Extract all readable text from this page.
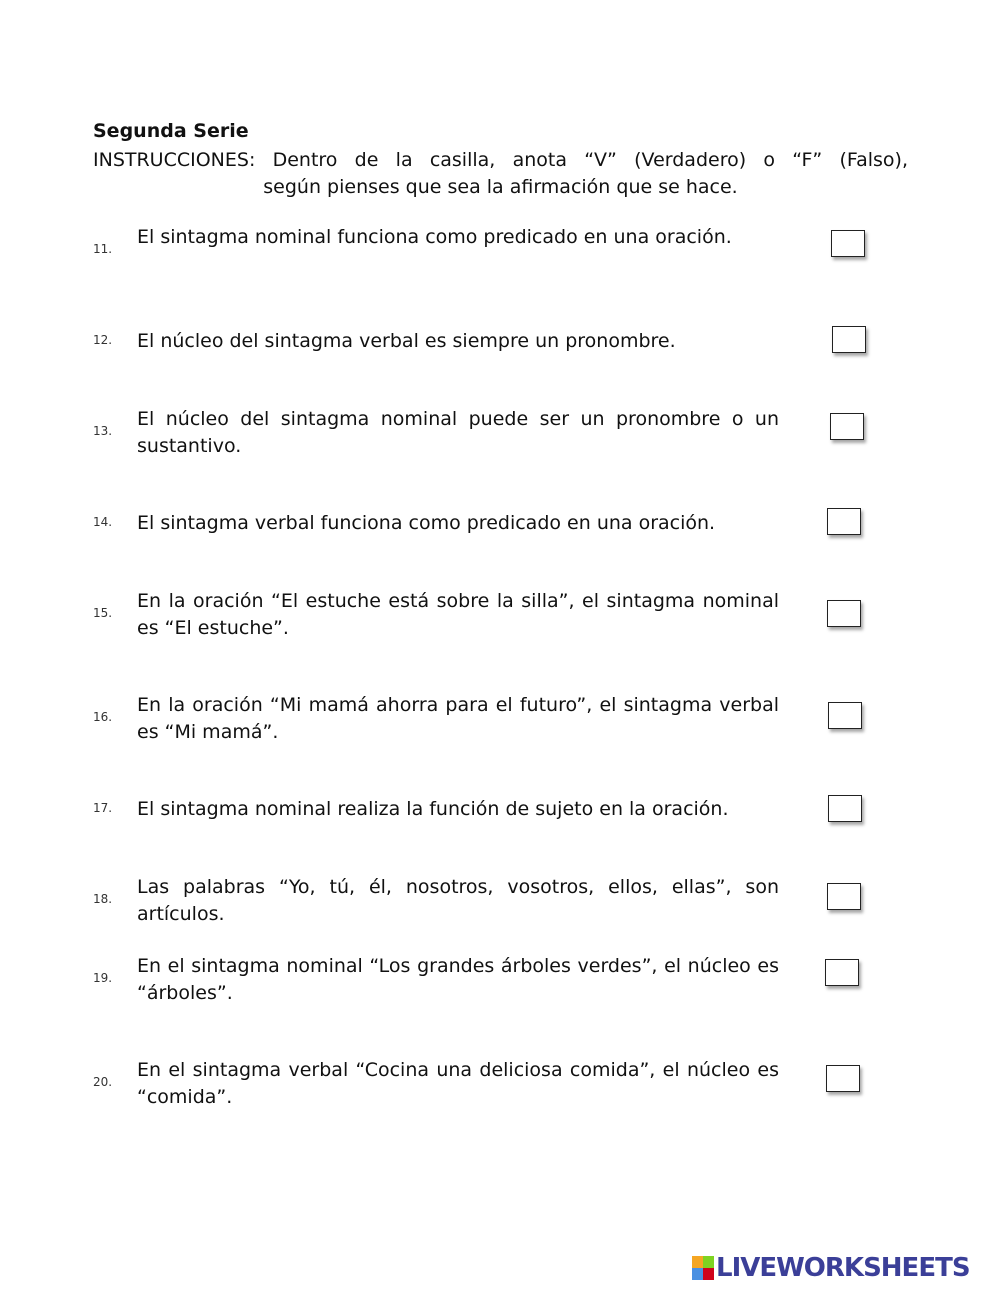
Segunda Serie
INSTRUCCIONES: Dentro de la casilla, anota “V” (Verdadero) o “F” (Falso),
según pienses que sea la afirmación que se hace.
11.
El sintagma nominal funciona como predicado en una oración.
12. El núcleo del sintagma verbal es siempre un pronombre.
13.
El núcleo del sintagma nominal puede ser un pronombre o un sustantivo.
14. El sintagma verbal funciona como predicado en una oración.
15.
En la oración “El estuche está sobre la silla”, el sintagma nominal es “El estuche”.
16.
En la oración “Mi mamá ahorra para el futuro”, el sintagma verbal es “Mi mamá”.
17. El sintagma nominal realiza la función de sujeto en la oración.
18.
Las palabras “Yo, tú, él, nosotros, vosotros, ellos, ellas”, son artículos.
19.
En el sintagma nominal “Los grandes árboles verdes”, el núcleo es “árboles”.
20.
En el sintagma verbal “Cocina una deliciosa comida”, el núcleo es “comida”.
LIVEWORKSHEETS
